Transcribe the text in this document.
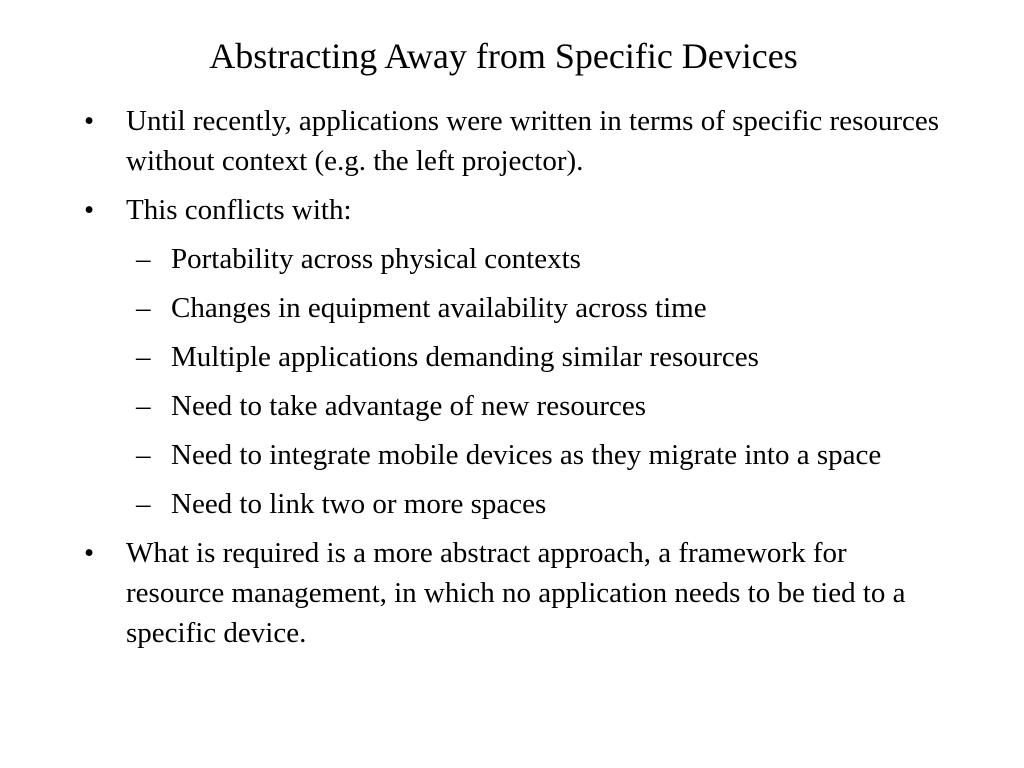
Abstracting Away from Specific Devices
• Until recently, applications were written in terms of specific resources without context (e.g. the left projector).
• This conflicts with:
– Portability across physical contexts
– Changes in equipment availability across time
– Multiple applications demanding similar resources
– Need to take advantage of new resources
– Need to integrate mobile devices as they migrate into a space
– Need to link two or more spaces
• What is required is a more abstract approach, a framework for resource management, in which no application needs to be tied to a specific device.
